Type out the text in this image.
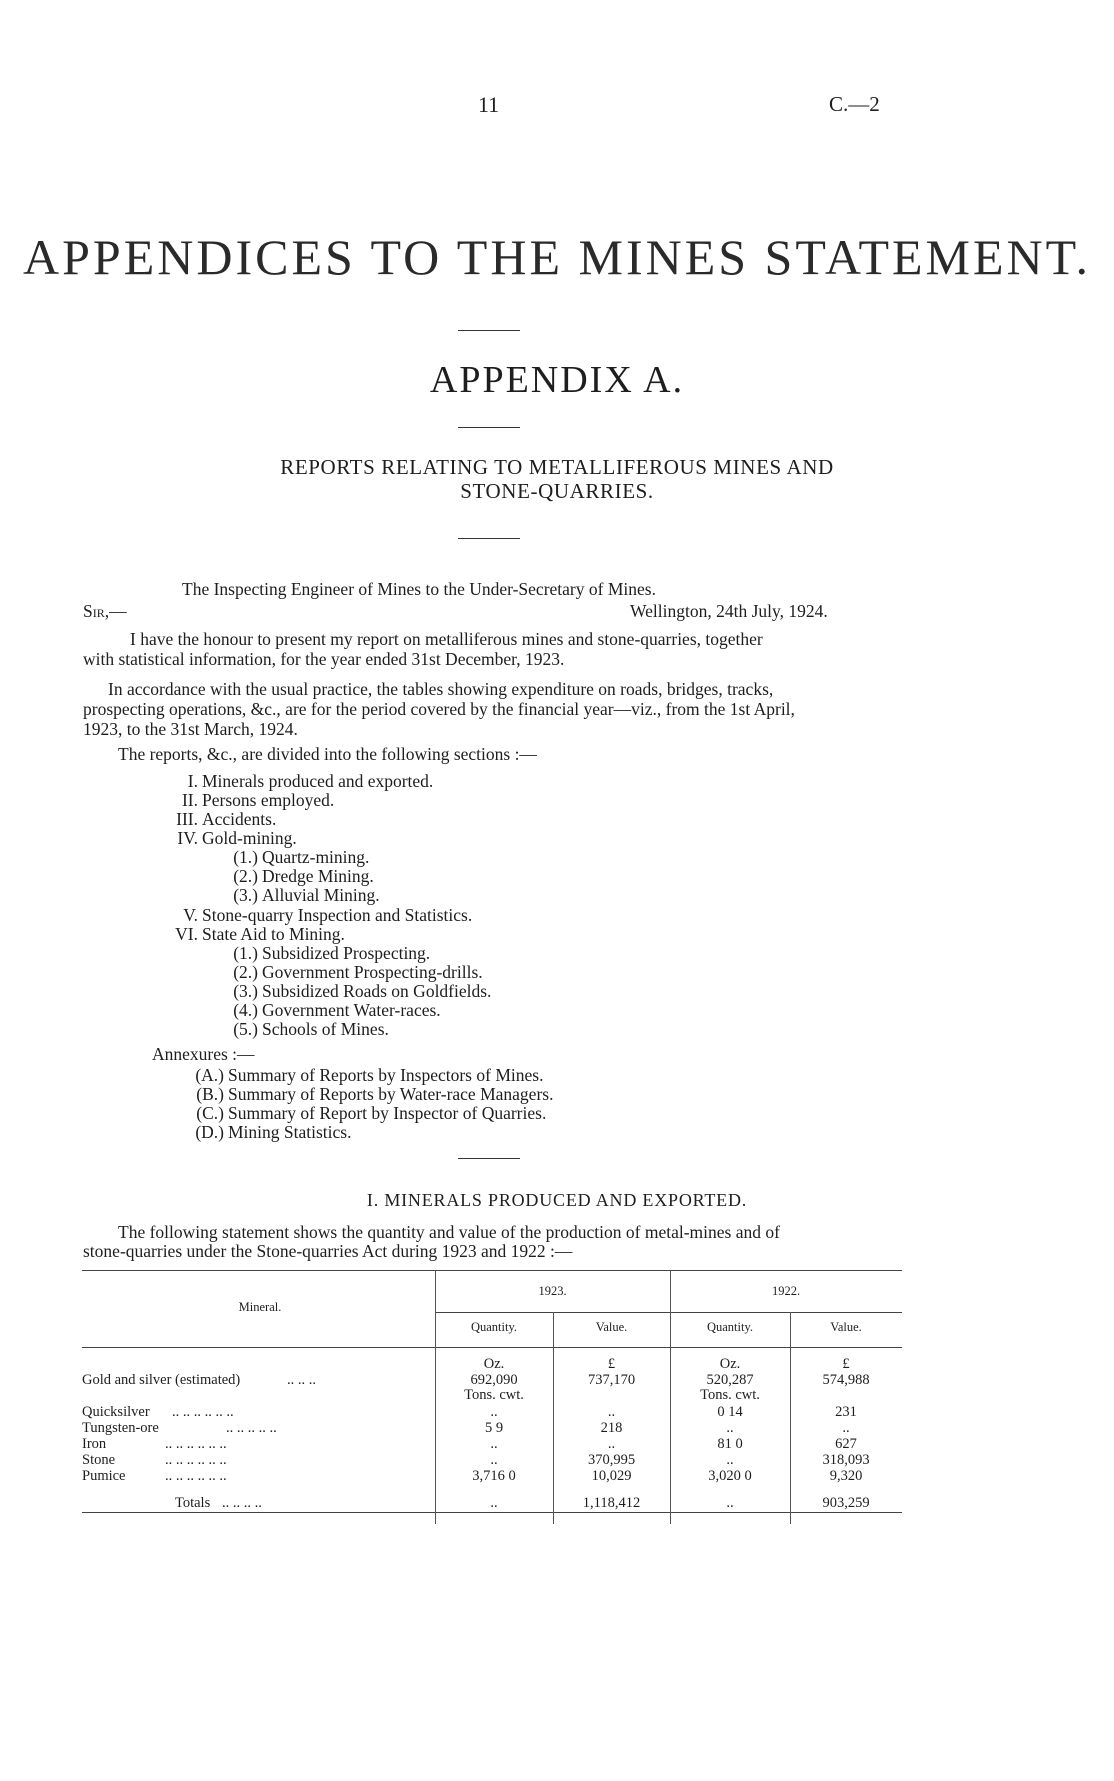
11	C.—2
APPENDICES TO THE MINES STATEMENT.
APPENDIX A.
REPORTS RELATING TO METALLIFEROUS MINES AND
STONE-QUARRIES.
The Inspecting Engineer of Mines to the Under-Secretary of Mines.
Sir,—	Wellington, 24th July, 1924.
I have the honour to present my report on metalliferous mines and stone-quarries, together
with statistical information, for the year ended 31st December, 1923.
In accordance with the usual practice, the tables showing expenditure on roads, bridges, tracks,
prospecting operations, &c., are for the period covered by the financial year—viz., from the 1st April,
1923, to the 31st March, 1924.
The reports, &c., are divided into the following sections :—
I. Minerals produced and exported.
II. Persons employed.
III. Accidents.
IV. Gold-mining.
(1.) Quartz-mining.
(2.) Dredge Mining.
(3.) Alluvial Mining.
V. Stone-quarry Inspection and Statistics.
VI. State Aid to Mining.
(1.) Subsidized Prospecting.
(2.) Government Prospecting-drills.
(3.) Subsidized Roads on Goldfields.
(4.) Government Water-races.
(5.) Schools of Mines.
Annexures :—
(A.) Summary of Reports by Inspectors of Mines.
(B.) Summary of Reports by Water-race Managers.
(C.) Summary of Report by Inspector of Quarries.
(D.) Mining Statistics.
I. MINERALS PRODUCED AND EXPORTED.
The following statement shows the quantity and value of the production of metal-mines and of
stone-quarries under the Stone-quarries Act during 1923 and 1922 :—
Mineral.
1923.	1922.
Quantity.	Value.	Quantity.	Value.
Oz.	£	Oz.	£
Tons. cwt.	Tons. cwt.
Gold and silver (estimated)	.. .. ..	692,090	737,170	520,287	574,988
Quicksilver .. .. .. .. .. ..	..	..	0 14	231
Tungsten-ore	.. .. .. .. ..	5 9	218	..	..
Iron	.. .. .. .. .. ..	..	..	81 0	627
Stone	.. .. .. .. .. ..	..	370,995	..	318,093
Pumice	.. .. .. .. .. ..	3,716 0	10,029	3,020 0	9,320
Totals .. .. .. ..	..	1,118,412	..	903,259
